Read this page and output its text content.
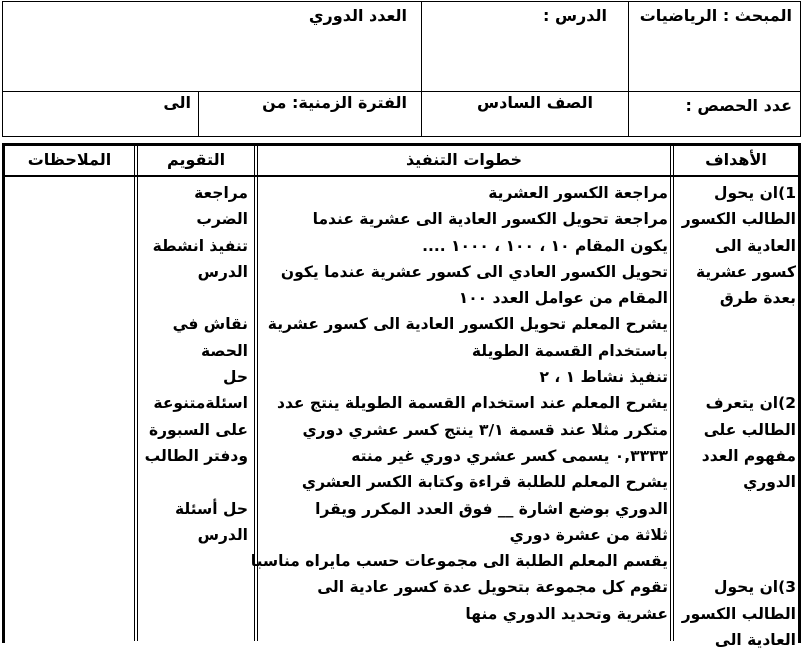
المبحث : الرياضيات
الدرس :
العدد الدوري
عدد الحصص :
الصف السادس
الفترة الزمنية: من
الى
الأهداف
خطوات التنفيذ
التقويم
الملاحظات
1)ان يحول
الطالب الكسور
العادية الى
كسور عشرية
بعدة طرق
2)ان يتعرف
الطالب على
مفهوم العدد
الدوري
3)ان يحول
الطالب الكسور
العادية الى
مراجعة الكسور العشرية
مراجعة تحويل الكسور العادية الى عشرية عندما
يكون المقام ١٠ ، ١٠٠ ، ١٠٠٠ ....
تحويل الكسور العادي الى كسور عشرية عندما يكون
المقام من عوامل العدد ١٠٠
يشرح المعلم تحويل الكسور العادية الى كسور عشرية
باستخدام القسمة الطويلة
تنفيذ نشاط ١ ، ٢
يشرح المعلم عند استخدام القسمة الطويلة ينتج عدد
متكرر مثلا عند قسمة ٣/١ ينتج كسر عشري دوري
٠,٣٣٣٣ يسمى كسر عشري دوري غير منته
يشرح المعلم للطلبة قراءة وكتابة الكسر العشري
الدوري بوضع اشارة __ فوق العدد المكرر ويقرا
ثلاثة من عشرة دوري
يقسم المعلم الطلبة الى مجموعات حسب مايراه مناسبا
تقوم كل مجموعة بتحويل عدة كسور عادية الى
عشرية وتحديد الدوري منها
مراجعة
الضرب
تنفيذ انشطة
الدرس
نقاش في
الحصة
حل
اسئلةمتنوعة
على السبورة
ودفتر الطالب
حل أسئلة
الدرس
